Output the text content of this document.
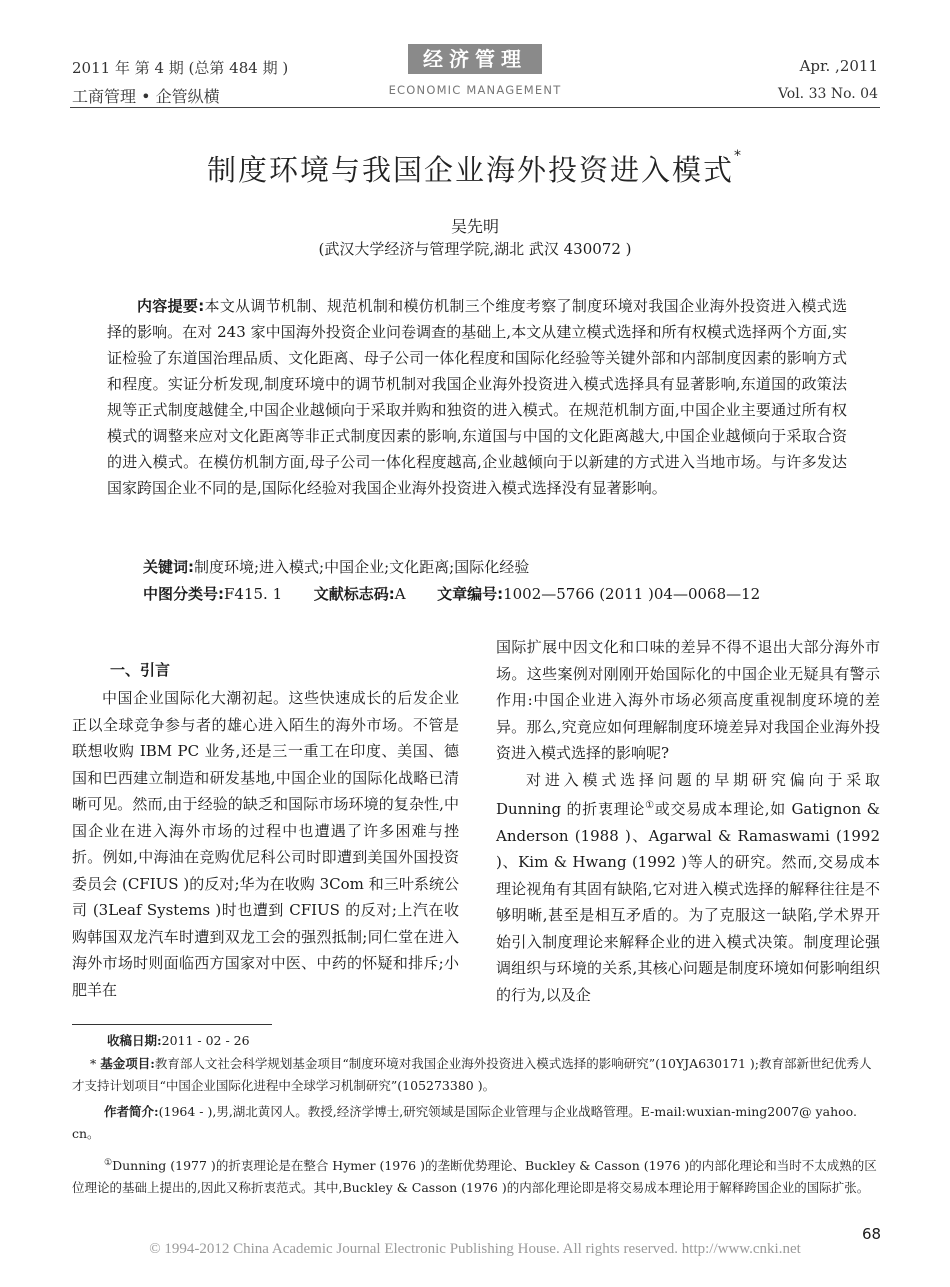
2011 年 第 4 期 (总第 484 期 )
工商管理 • 企管纵横
经济管理
ECONOMIC MANAGEMENT
Apr. ,2011
Vol. 33 No. 04
制度环境与我国企业海外投资进入模式*
吴先明
(武汉大学经济与管理学院,湖北 武汉 430072 )
内容提要:本文从调节机制、规范机制和模仿机制三个维度考察了制度环境对我国企业海外投资进入模式选择的影响。在对 243 家中国海外投资企业问卷调查的基础上,本文从建立模式选择和所有权模式选择两个方面,实证检验了东道国治理品质、文化距离、母子公司一体化程度和国际化经验等关键外部和内部制度因素的影响方式和程度。实证分析发现,制度环境中的调节机制对我国企业海外投资进入模式选择具有显著影响,东道国的政策法规等正式制度越健全,中国企业越倾向于采取并购和独资的进入模式。在规范机制方面,中国企业主要通过所有权模式的调整来应对文化距离等非正式制度因素的影响,东道国与中国的文化距离越大,中国企业越倾向于采取合资的进入模式。在模仿机制方面,母子公司一体化程度越高,企业越倾向于以新建的方式进入当地市场。与许多发达国家跨国企业不同的是,国际化经验对我国企业海外投资进入模式选择没有显著影响。
关键词:制度环境;进入模式;中国企业;文化距离;国际化经验
中图分类号:F415. 1 文献标志码:A 文章编号:1002—5766 (2011 )04—0068—12
一、引言

中国企业国际化大潮初起。这些快速成长的后发企业正以全球竞争参与者的雄心进入陌生的海外市场。不管是联想收购 IBM PC 业务,还是三一重工在印度、美国、德国和巴西建立制造和研发基地,中国企业的国际化战略已清晰可见。然而,由于经验的缺乏和国际市场环境的复杂性,中国企业在进入海外市场的过程中也遭遇了许多困难与挫折。例如,中海油在竞购优尼科公司时即遭到美国外国投资委员会 (CFIUS )的反对;华为在收购 3Com 和三叶系统公司 (3Leaf Systems )时也遭到 CFIUS 的反对;上汽在收购韩国双龙汽车时遭到双龙工会的强烈抵制;同仁堂在进入海外市场时则面临西方国家对中医、中药的怀疑和排斥;小肥羊在

国际扩展中因文化和口味的差异不得不退出大部分海外市场。这些案例对刚刚开始国际化的中国企业无疑具有警示作用:中国企业进入海外市场必须高度重视制度环境的差异。那么,究竟应如何理解制度环境差异对我国企业海外投资进入模式选择的影响呢?

对进入模式选择问题的早期研究偏向于采取 Dunning 的折衷理论①或交易成本理论,如 Gatignon & Anderson (1988 )、Agarwal & Ramaswami (1992 )、Kim & Hwang (1992 )等人的研究。然而,交易成本理论视角有其固有缺陷,它对进入模式选择的解释往往是不够明晰,甚至是相互矛盾的。为了克服这一缺陷,学术界开始引入制度理论来解释企业的进入模式决策。制度理论强调组织与环境的关系,其核心问题是制度环境如何影响组织的行为,以及企

收稿日期:2011 - 02 - 26
* 基金项目:教育部人文社会科学规划基金项目“制度环境对我国企业海外投资进入模式选择的影响研究”(10YJA630171 );教育部新世纪优秀人才支持计划项目“中国企业国际化进程中全球学习机制研究”(105273380 )。
作者简介:(1964 - ),男,湖北黄冈人。教授,经济学博士,研究领域是国际企业管理与企业战略管理。E-mail:wuxian-ming2007@ yahoo. cn。
①Dunning (1977 )的折衷理论是在整合 Hymer (1976 )的垄断优势理论、Buckley & Casson (1976 )的内部化理论和当时不太成熟的区位理论的基础上提出的,因此又称折衷范式。其中,Buckley & Casson (1976 )的内部化理论即是将交易成本理论用于解释跨国企业的国际扩张。
68
© 1994-2012 China Academic Journal Electronic Publishing House. All rights reserved. http://www.cnki.net
